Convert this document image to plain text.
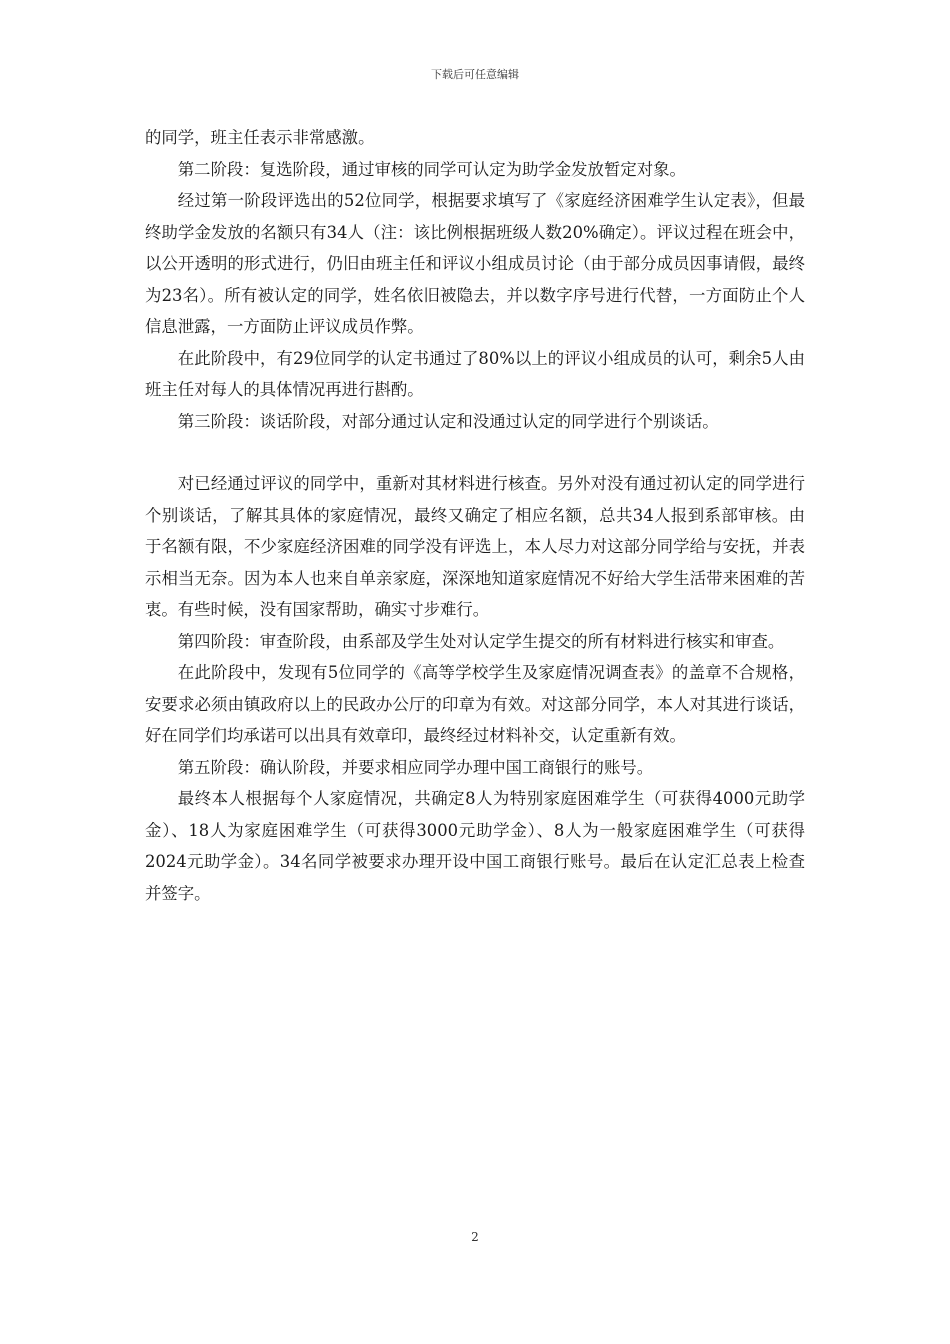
下载后可任意编辑

的同学，班主任表示非常感激。

第二阶段：复选阶段，通过审核的同学可认定为助学金发放暂定对象。

经过第一阶段评选出的52位同学，根据要求填写了《家庭经济困难学生认定表》，但最终助学金发放的名额只有34人（注：该比例根据班级人数20%确定）。评议过程在班会中，以公开透明的形式进行，仍旧由班主任和评议小组成员讨论（由于部分成员因事请假，最终为23名）。所有被认定的同学，姓名依旧被隐去，并以数字序号进行代替，一方面防止个人信息泄露，一方面防止评议成员作弊。

在此阶段中，有29位同学的认定书通过了80%以上的评议小组成员的认可，剩余5人由班主任对每人的具体情况再进行斟酌。

第三阶段：谈话阶段，对部分通过认定和没通过认定的同学进行个别谈话。

对已经通过评议的同学中，重新对其材料进行核查。另外对没有通过初认定的同学进行个别谈话，了解其具体的家庭情况，最终又确定了相应名额，总共34人报到系部审核。由于名额有限，不少家庭经济困难的同学没有评选上，本人尽力对这部分同学给与安抚，并表示相当无奈。因为本人也来自单亲家庭，深深地知道家庭情况不好给大学生活带来困难的苦衷。有些时候，没有国家帮助，确实寸步难行。

第四阶段：审查阶段，由系部及学生处对认定学生提交的所有材料进行核实和审查。

在此阶段中，发现有5位同学的《高等学校学生及家庭情况调查表》的盖章不合规格，安要求必须由镇政府以上的民政办公厅的印章为有效。对这部分同学，本人对其进行谈话，好在同学们均承诺可以出具有效章印，最终经过材料补交，认定重新有效。

第五阶段：确认阶段，并要求相应同学办理中国工商银行的账号。

最终本人根据每个人家庭情况，共确定8人为特别家庭困难学生（可获得4000元助学金）、18人为家庭困难学生（可获得3000元助学金）、8人为一般家庭困难学生（可获得2024元助学金）。34名同学被要求办理开设中国工商银行账号。最后在认定汇总表上检查并签字。

2
